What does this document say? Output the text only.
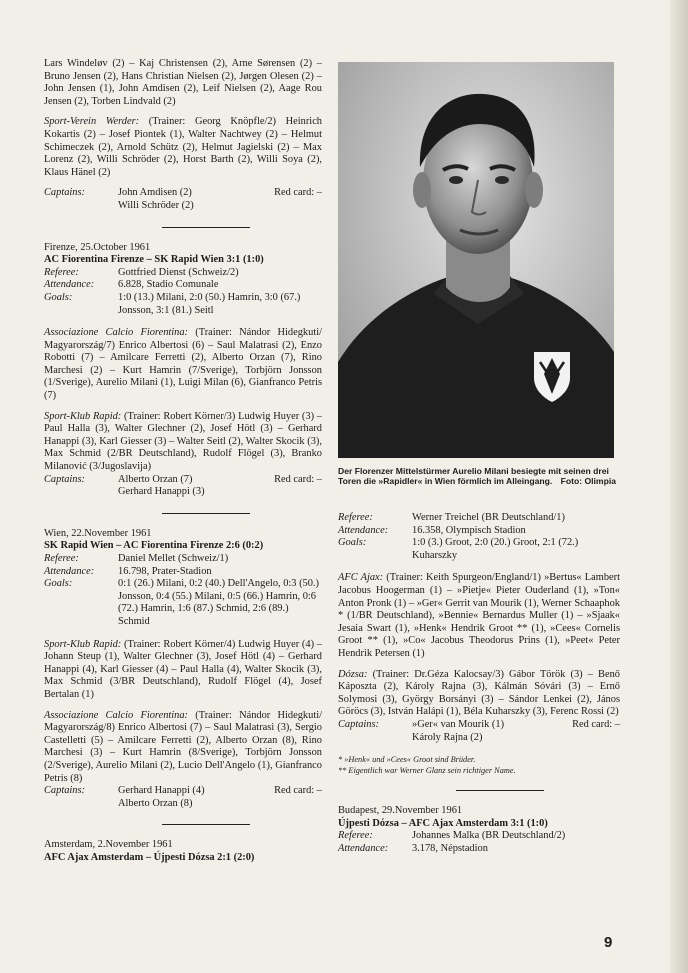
Lars Windeløv (2) – Kaj Christensen (2), Arne Sørensen (2) – Bruno Jensen (2), Hans Christian Nielsen (2), Jørgen Olesen (2) – John Jensen (1), John Amdisen (2), Leif Nielsen (2), Aage Rou Jensen (2), Torben Lindvald (2)

Sport-Verein Werder: (Trainer: Georg Knöpfle/2) Heinrich Kokartis (2) – Josef Piontek (1), Walter Nachtwey (2) – Helmut Schimeczek (2), Arnold Schütz (2), Helmut Jagielski (2) – Max Lorenz (2), Willi Schröder (2), Horst Barth (2), Willi Soya (2), Klaus Hänel (2)

Captains:	John Amdisen (2)	Red card: –
Willi Schröder (2)
Firenze, 25.October 1961
AC Fiorentina Firenze – SK Rapid Wien 3:1 (1:0)
Referee:	Gottfried Dienst (Schweiz/2)
Attendance:	6.828, Stadio Comunale
Goals:	1:0 (13.) Milani, 2:0 (50.) Hamrin, 3:0 (67.) Jonsson, 3:1 (81.) Seitl

Associazione Calcio Fiorentina: (Trainer: Nándor Hidegkuti/ Magyarország/7) Enrico Albertosi (6) – Saul Malatrasi (2), Enzo Robotti (7) – Amilcare Ferretti (2), Alberto Orzan (7), Rino Marchesi (2) – Kurt Hamrin (7/Sverige), Torbjörn Jonsson (1/Sverige), Aurelio Milani (1), Luigi Milan (6), Gianfranco Petris (7)

Sport-Klub Rapid: (Trainer: Robert Körner/3) Ludwig Huyer (3) – Paul Halla (3), Walter Glechner (2), Josef Hötl (3) – Gerhard Hanappi (3), Karl Giesser (3) – Walter Seitl (2), Walter Skocik (3), Max Schmid (2/BR Deutschland), Rudolf Flögel (3), Branko Milanović (3/Jugoslavija)

Captains:	Alberto Orzan (7)	Red card: –
Gerhard Hanappi (3)
Wien, 22.November 1961
SK Rapid Wien – AC Fiorentina Firenze 2:6 (0:2)
Referee:	Daniel Mellet (Schweiz/1)
Attendance:	16.798, Prater-Stadion
Goals:	0:1 (26.) Milani, 0:2 (40.) Dell'Angelo, 0:3 (50.) Jonsson, 0:4 (55.) Milani, 0:5 (66.) Hamrin, 0:6 (72.) Hamrin, 1:6 (87.) Schmid, 2:6 (89.) Schmid

Sport-Klub Rapid: (Trainer: Robert Körner/4) Ludwig Huyer (4) – Johann Steup (1), Walter Glechner (3), Josef Hötl (4) – Gerhard Hanappi (4), Karl Giesser (4) – Paul Halla (4), Walter Skocik (3), Max Schmid (3/BR Deutschland), Rudolf Flögel (4), Josef Bertalan (1)

Associazione Calcio Fiorentina: (Trainer: Nándor Hidegkuti/ Magyarország/8) Enrico Albertosi (7) – Saul Malatrasi (3), Sergio Castelletti (5) – Amilcare Ferretti (2), Alberto Orzan (8), Rino Marchesi (3) – Kurt Hamrin (8/Sverige), Torbjörn Jonsson (2/Sverige), Aurelio Milani (2), Lucio Dell'Angelo (1), Gianfranco Petris (8)

Captains:	Gerhard Hanappi (4)	Red card: –
Alberto Orzan (8)
Amsterdam, 2.November 1961
AFC Ajax Amsterdam – Újpesti Dózsa 2:1 (2:0)
Der Florenzer Mittelstürmer Aurelio Milani besiegte mit seinen drei Toren die »Rapidler« in Wien förmlich im Alleingang. Foto: Olimpia
Referee:	Werner Treichel (BR Deutschland/1)
Attendance:	16.358, Olympisch Stadion
Goals:	1:0 (3.) Groot, 2:0 (20.) Groot, 2:1 (72.) Kuharszky

AFC Ajax: (Trainer: Keith Spurgeon/England/1) »Bertus« Lambert Jacobus Hoogerman (1) – »Pietje« Pieter Ouderland (1), »Ton« Anton Pronk (1) – »Ger« Gerrit van Mourik (1), Werner Schaaphok * (1/BR Deutschland), »Bennie« Bernardus Muller (1) – »Sjaak« Jesaia Swart (1), »Henk« Hendrik Groot ** (1), »Cees« Cornelis Groot ** (1), »Co« Jacobus Theodorus Prins (1), »Peet« Peter Hendrik Petersen (1)

Dózsa: (Trainer: Dr.Géza Kalocsay/3) Gábor Török (3) – Benő Káposzta (2), Károly Rajna (3), Kálmán Sóvári (3) – Ernő Solymosi (3), György Borsányi (3) – Sándor Lenkei (2), János Göröcs (3), István Halápi (1), Béla Kuharszky (3), Ferenc Rossi (2)

Captains:	»Ger« van Mourik (1)	Red card: –
Károly Rajna (2)
* »Henk« und »Cees« Groot sind Brüder.
** Eigentlich war Werner Glanz sein richtiger Name.
Budapest, 29.November 1961
Újpesti Dózsa – AFC Ajax Amsterdam 3:1 (1:0)
Referee:	Johannes Malka (BR Deutschland/2)
Attendance:	3.178, Népstadion
9
